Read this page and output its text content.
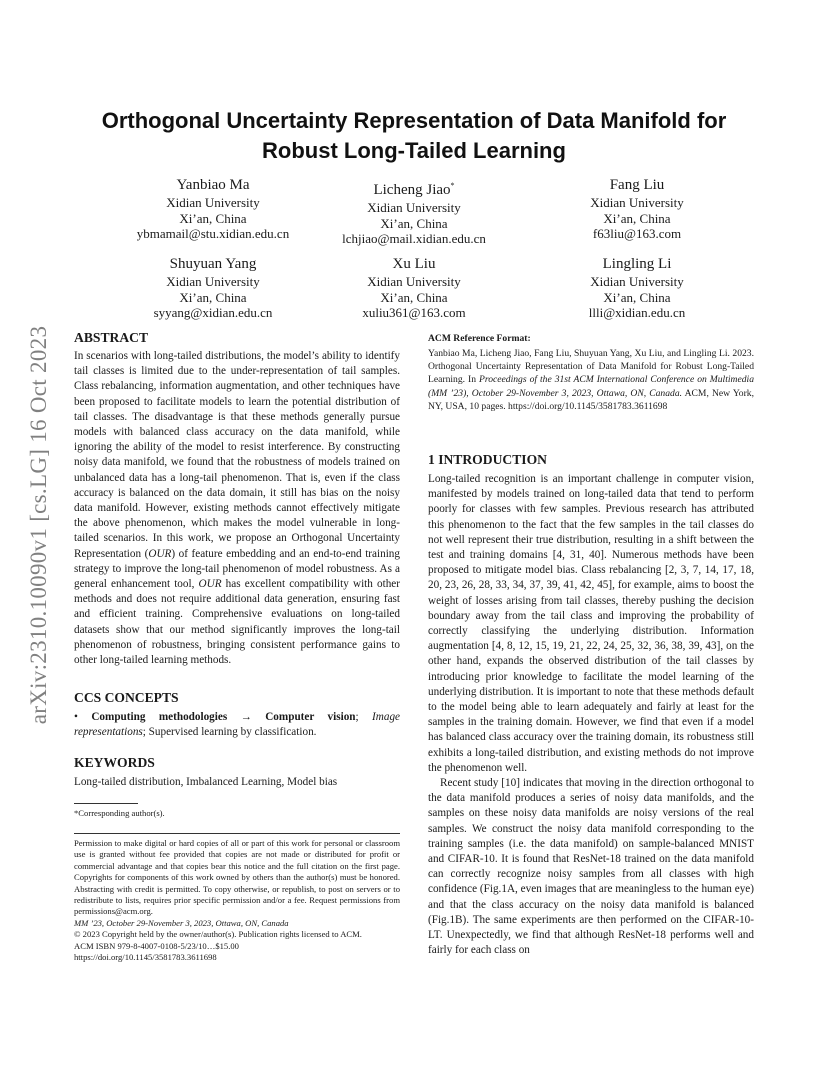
arXiv:2310.10090v1 [cs.LG] 16 Oct 2023
Orthogonal Uncertainty Representation of Data Manifold for
Robust Long-Tailed Learning
Yanbiao Ma
Xidian University
Xi’an, China
ybmamail@stu.xidian.edu.cn
Licheng Jiao*
Xidian University
Xi’an, China
lchjiao@mail.xidian.edu.cn
Fang Liu
Xidian University
Xi’an, China
f63liu@163.com
Shuyuan Yang
Xidian University
Xi’an, China
syyang@xidian.edu.cn
Xu Liu
Xidian University
Xi’an, China
xuliu361@163.com
Lingling Li
Xidian University
Xi’an, China
llli@xidian.edu.cn
ABSTRACT

In scenarios with long-tailed distributions, the model’s ability to identify tail classes is limited due to the under-representation of tail samples. Class rebalancing, information augmentation, and other techniques have been proposed to facilitate models to learn the potential distribution of tail classes. The disadvantage is that these methods generally pursue models with balanced class accuracy on the data manifold, while ignoring the ability of the model to resist interference. By constructing noisy data manifold, we found that the robustness of models trained on unbalanced data has a long-tail phenomenon. That is, even if the class accuracy is balanced on the data domain, it still has bias on the noisy data manifold. However, existing methods cannot effectively mitigate the above phenomenon, which makes the model vulnerable in long-tailed scenarios. In this work, we propose an Orthogonal Uncertainty Representation (OUR) of feature embedding and an end-to-end training strategy to improve the long-tail phenomenon of model robustness. As a general enhancement tool, OUR has excellent compatibility with other methods and does not require additional data generation, ensuring fast and efficient training. Comprehensive evaluations on long-tailed datasets show that our method significantly improves the long-tail phenomenon of robustness, bringing consistent performance gains to other long-tailed learning methods.

CCS CONCEPTS

• Computing methodologies → Computer vision; Image representations; Supervised learning by classification.

KEYWORDS
Long-tailed distribution, Imbalanced Learning, Model bias
*Corresponding author(s).

Permission to make digital or hard copies of all or part of this work for personal or classroom use is granted without fee provided that copies are not made or distributed for profit or commercial advantage and that copies bear this notice and the full citation on the first page. Copyrights for components of this work owned by others than the author(s) must be honored. Abstracting with credit is permitted. To copy otherwise, or republish, to post on servers or to redistribute to lists, requires prior specific permission and/or a fee. Request permissions from permissions@acm.org.

MM ’23, October 29-November 3, 2023, Ottawa, ON, Canada

© 2023 Copyright held by the owner/author(s). Publication rights licensed to ACM.

ACM ISBN 979-8-4007-0108-5/23/10…$15.00

https://doi.org/10.1145/3581783.3611698

ACM Reference Format:

Yanbiao Ma, Licheng Jiao, Fang Liu, Shuyuan Yang, Xu Liu, and Lingling Li. 2023. Orthogonal Uncertainty Representation of Data Manifold for Robust Long-Tailed Learning. In Proceedings of the 31st ACM International Conference on Multimedia (MM ’23), October 29-November 3, 2023, Ottawa, ON, Canada. ACM, New York, NY, USA, 10 pages. https://doi.org/10.1145/3581783.3611698

1 INTRODUCTION

Long-tailed recognition is an important challenge in computer vision, manifested by models trained on long-tailed data that tend to perform poorly for classes with few samples. Previous research has attributed this phenomenon to the fact that the few samples in the tail classes do not well represent their true distribution, resulting in a shift between the test and training domains [4, 31, 40]. Numerous methods have been proposed to mitigate model bias. Class rebalancing [2, 3, 7, 14, 17, 18, 20, 23, 26, 28, 33, 34, 37, 39, 41, 42, 45], for example, aims to boost the weight of losses arising from tail classes, thereby pushing the decision boundary away from the tail class and improving the probability of correctly classifying the underlying distribution. Information augmentation [4, 8, 12, 15, 19, 21, 22, 24, 25, 32, 36, 38, 39, 43], on the other hand, expands the observed distribution of the tail classes by introducing prior knowledge to facilitate the model learning of the underlying distribution. It is important to note that these methods default to the model being able to learn adequately and fairly at least for the samples in the training domain. However, we find that even if a model has balanced class accuracy over the training domain, its robustness still exhibits a long-tailed distribution, and existing methods do not improve the phenomenon well.

Recent study [10] indicates that moving in the direction orthogonal to the data manifold produces a series of noisy data manifolds, and the samples on these noisy data manifolds are noisy versions of the real samples. We construct the noisy data manifold corresponding to the training samples (i.e. the data manifold) on sample-balanced MNIST and CIFAR-10. It is found that ResNet-18 trained on the data manifold can correctly recognize noisy samples from all classes with high confidence (Fig.1A, even images that are meaningless to the human eye) and that the class accuracy on the noisy data manifold is balanced (Fig.1B). The same experiments are then performed on the CIFAR-10-LT. Unexpectedly, we find that although ResNet-18 performs well and fairly for each class on
